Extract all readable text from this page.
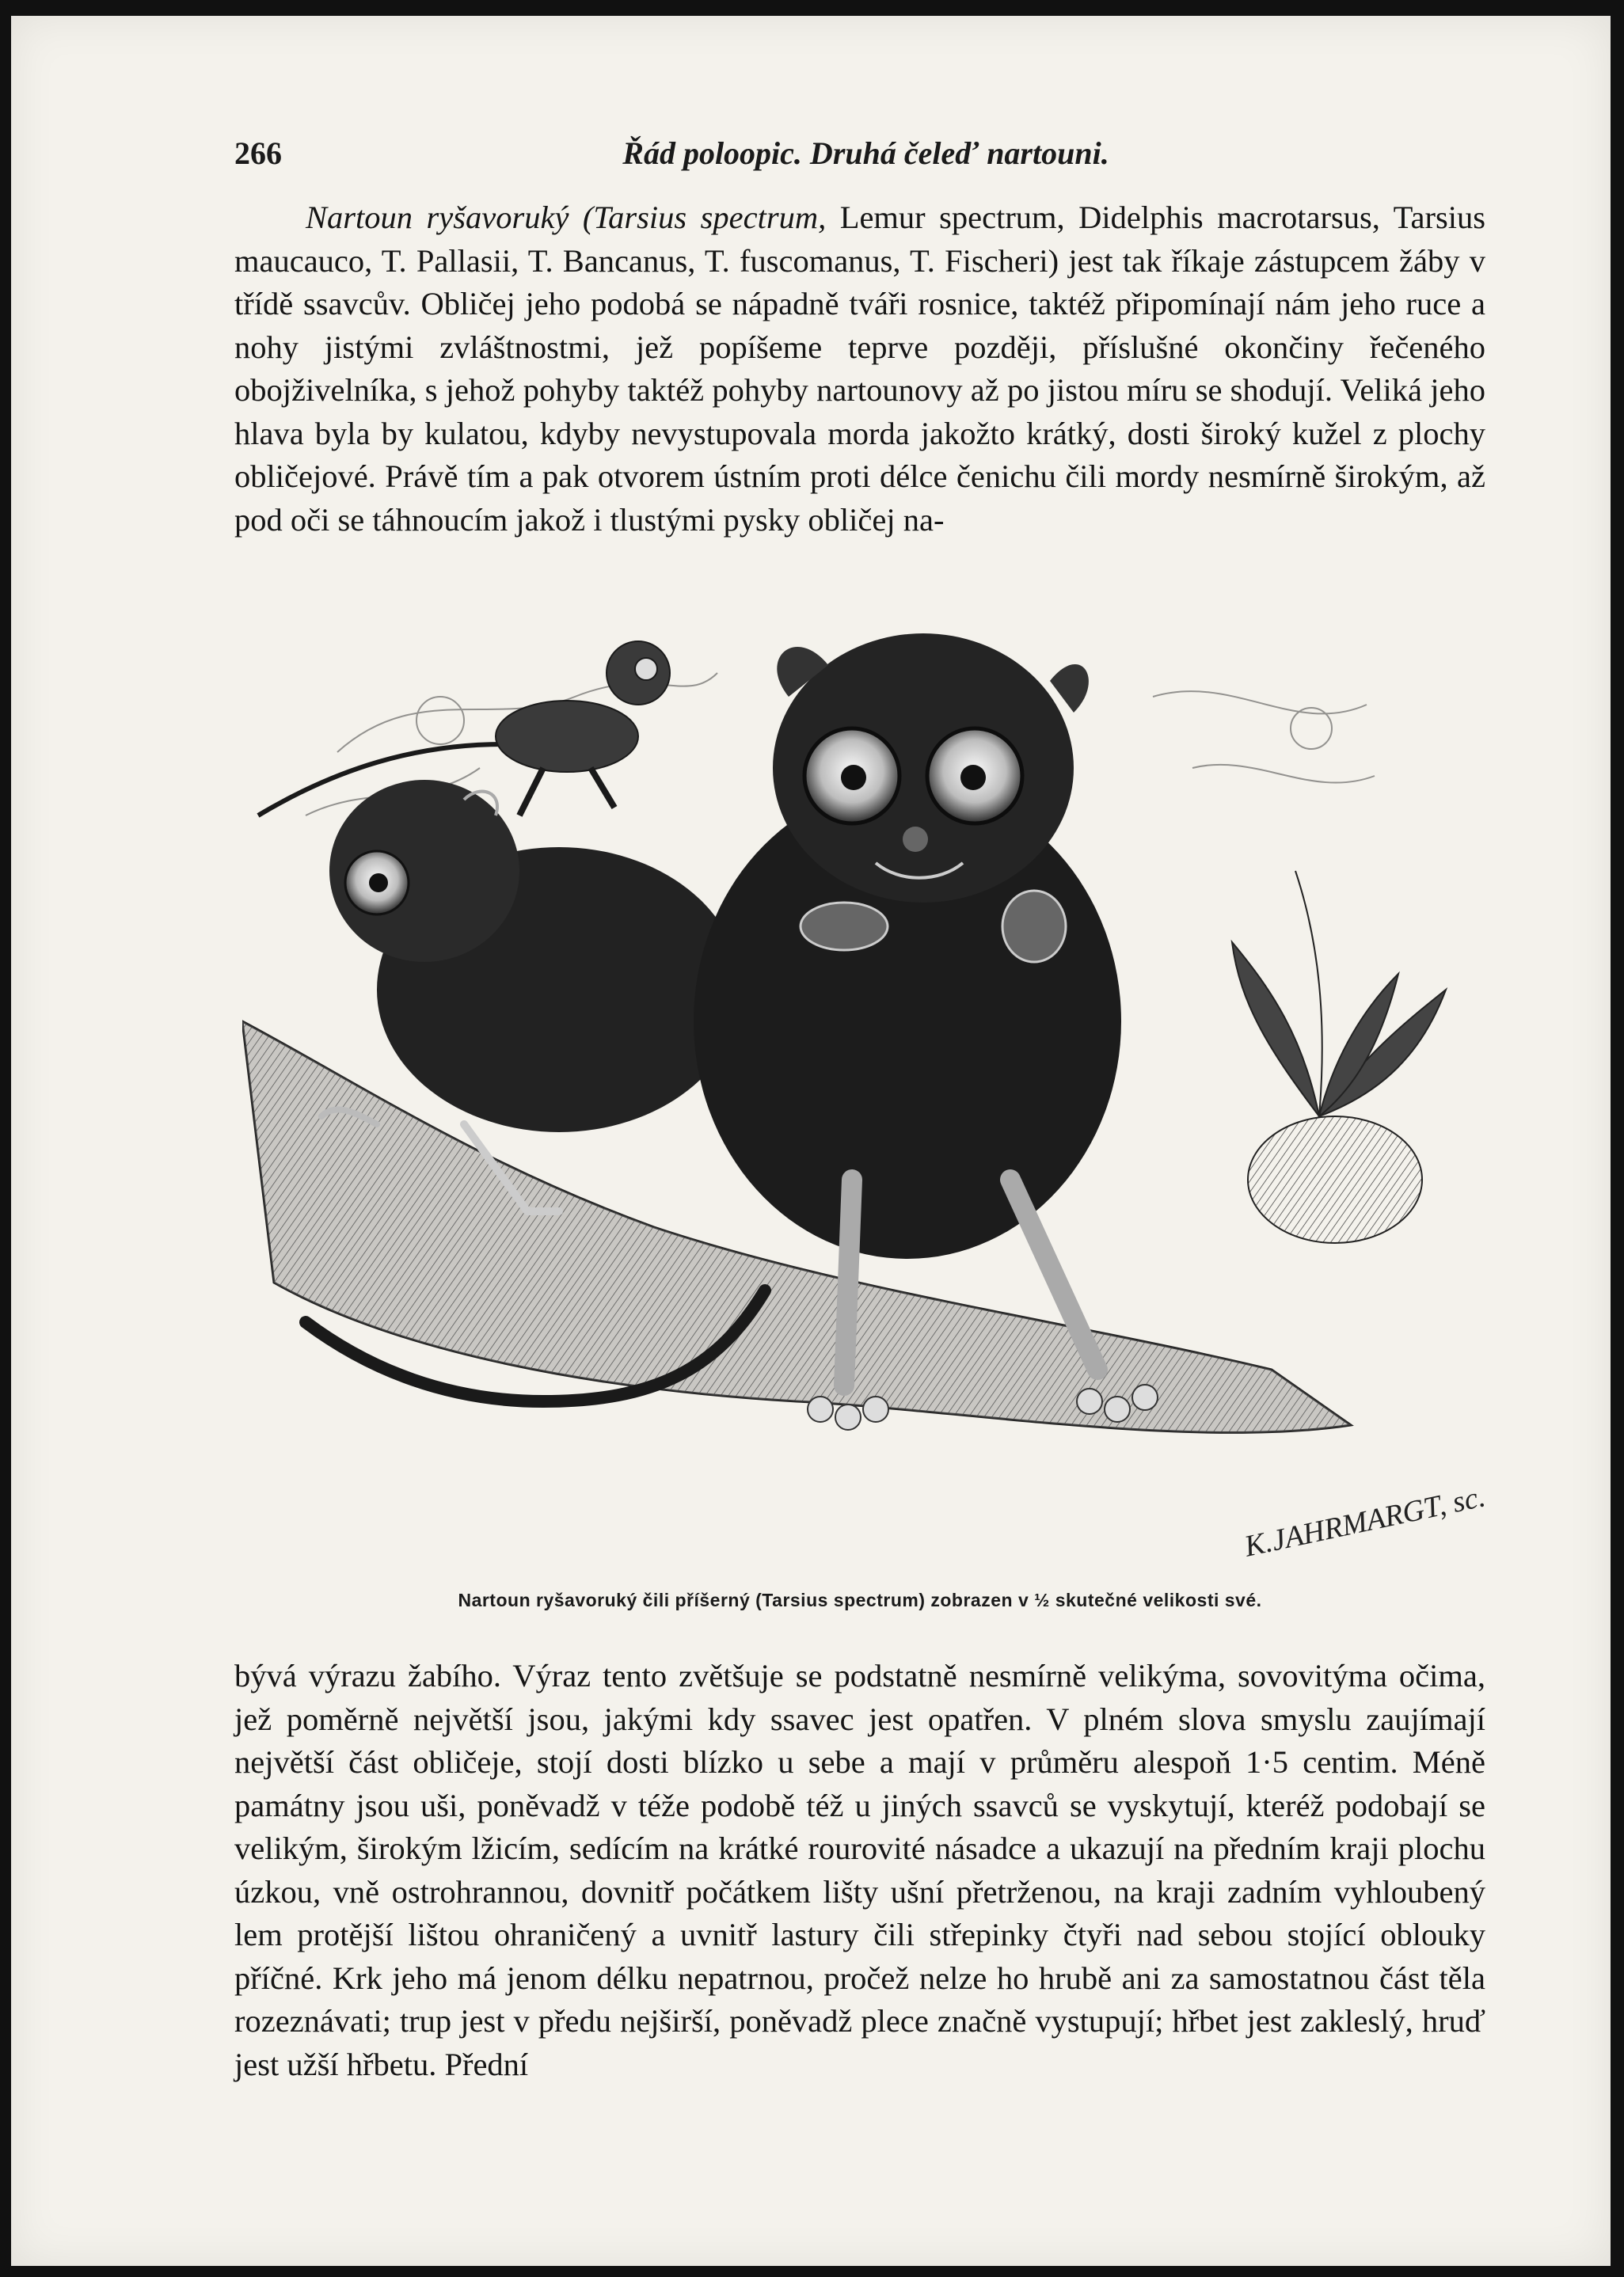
266	Řád poloopic. Druhá čeleď nartouni.

Nartoun ryšavoruký (Tarsius spectrum, Lemur spectrum, Didelphis macrotarsus, Tarsius maucauco, T. Pallasii, T. Bancanus, T. fuscomanus, T. Fischeri) jest tak říkaje zástupcem žáby v třídě ssavcův. Obličej jeho podobá se nápadně tváři rosnice, taktéž připomínají nám jeho ruce a nohy jistými zvláštnostmi, jež popíšeme teprve později, příslušné okončiny řečeného obojživelníka, s jehož pohyby taktéž pohyby nartounovy až po jistou míru se shodují. Veliká jeho hlava byla by kulatou, kdyby nevystupovala morda jakožto krátký, dosti široký kužel z plochy obličejové. Právě tím a pak otvorem ústním proti délce čenichu čili mordy nesmírně širokým, až pod oči se táhnoucím jakož i tlustými pysky obličej na-

K.JAHRMARGT, sc.
Nartoun ryšavoruký čili příšerný (Tarsius spectrum) zobrazen v ½ skutečné velikosti své.

bývá výrazu žabího. Výraz tento zvětšuje se podstatně nesmírně velikýma, sovovitýma očima, jež poměrně největší jsou, jakými kdy ssavec jest opatřen. V plném slova smyslu zaujímají největší část obličeje, stojí dosti blízko u sebe a mají v průměru alespoň 1·5 centim. Méně památny jsou uši, poněvadž v téže podobě též u jiných ssavců se vyskytují, kteréž podobají se velikým, širokým lžicím, sedícím na krátké rourovité násadce a ukazují na předním kraji plochu úzkou, vně ostrohrannou, dovnitř počátkem lišty ušní přetrženou, na kraji zadním vyhloubený lem protější lištou ohraničený a uvnitř lastury čili střepinky čtyři nad sebou stojící oblouky příčné. Krk jeho má jenom délku nepatrnou, pročež nelze ho hrubě ani za samostatnou část těla rozeznávati; trup jest v předu nejširší, poněvadž plece značně vystupují; hřbet jest zakleslý, hruď jest užší hřbetu. Přední
